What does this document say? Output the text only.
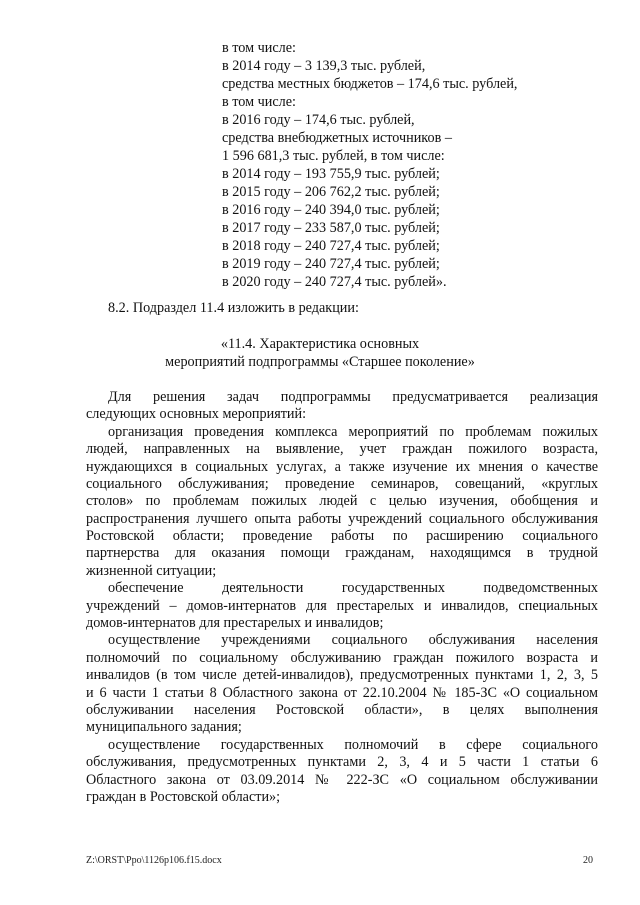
в том числе:
в 2014 году – 3 139,3 тыс. рублей,
средства местных бюджетов – 174,6 тыс. рублей,
в том числе:
в 2016 году – 174,6 тыс. рублей,
средства внебюджетных источников –
1 596 681,3 тыс. рублей, в том числе:
в 2014 году – 193 755,9 тыс. рублей;
в 2015 году – 206 762,2 тыс. рублей;
в 2016 году – 240 394,0 тыс. рублей;
в 2017 году – 233 587,0 тыс. рублей;
в 2018 году – 240 727,4 тыс. рублей;
в 2019 году – 240 727,4 тыс. рублей;
в 2020 году – 240 727,4 тыс. рублей».
8.2. Подраздел 11.4 изложить в редакции:
«11.4. Характеристика основных
мероприятий подпрограммы «Старшее поколение»
Для решения задач подпрограммы предусматривается реализация
следующих основных мероприятий:
организация проведения комплекса мероприятий по проблемам пожилых
людей, направленных на выявление, учет граждан пожилого возраста,
нуждающихся в социальных услугах, а также изучение их мнения о качестве
социального обслуживания; проведение семинаров, совещаний, «круглых
столов» по проблемам пожилых людей с целью изучения, обобщения и
распространения лучшего опыта работы учреждений социального обслуживания
Ростовской области; проведение работы по расширению социального
партнерства для оказания помощи гражданам, находящимся в трудной
жизненной ситуации;
обеспечение деятельности государственных подведомственных
учреждений – домов-интернатов для престарелых и инвалидов, специальных
домов-интернатов для престарелых и инвалидов;
осуществление учреждениями социального обслуживания населения
полномочий по социальному обслуживанию граждан пожилого возраста и
инвалидов (в том числе детей-инвалидов), предусмотренных пунктами 1, 2, 3, 5
и 6 части 1 статьи 8 Областного закона от 22.10.2004 № 185-ЗС «О социальном
обслуживании населения Ростовской области», в целях выполнения
муниципального задания;
осуществление государственных полномочий в сфере социального
обслуживания, предусмотренных пунктами 2, 3, 4 и 5 части 1 статьи 6
Областного закона от 03.09.2014 № 222-ЗС «О социальном обслуживании
граждан в Ростовской области»;
Z:\ORST\Ppo\1126p106.f15.docx	20
